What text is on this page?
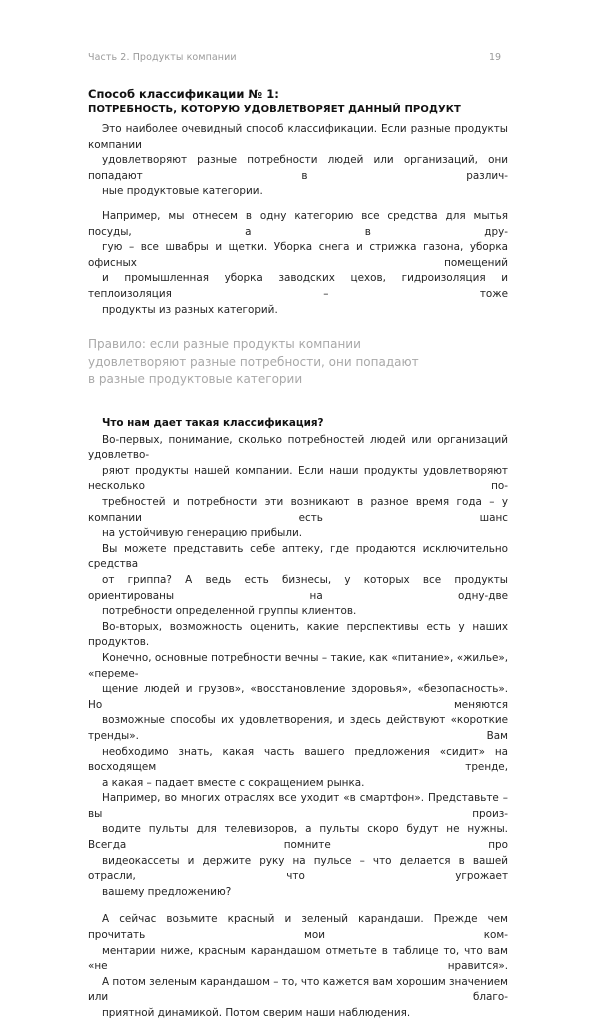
Часть 2. Продукты компании	19
Способ классификации № 1:
ПОТРЕБНОСТЬ, КОТОРУЮ УДОВЛЕТВОРЯЕТ ДАННЫЙ ПРОДУКТ

Это наиболее очевидный способ классификации. Если разные продукты компании
удовлетворяют разные потребности людей или организаций, они попадают в различ-
ные продуктовые категории.

Например, мы отнесем в одну категорию все средства для мытья посуды, а в дру-
гую – все швабры и щетки. Уборка снега и стрижка газона, уборка офисных помещений
и промышленная уборка заводских цехов, гидроизоляция и теплоизоляция – тоже
продукты из разных категорий.

Правило: если разные продукты компании
удовлетворяют разные потребности, они попадают
в разные продуктовые категории
Что нам дает такая классификация?

Во-первых, понимание, сколько потребностей людей или организаций удовлетво-
ряют продукты нашей компании. Если наши продукты удовлетворяют несколько по-
требностей и потребности эти возникают в разное время года – у компании есть шанс
на устойчивую генерацию прибыли.

Вы можете представить себе аптеку, где продаются исключительно средства
от гриппа? А ведь есть бизнесы, у которых все продукты ориентированы на одну-две
потребности определенной группы клиентов.

Во-вторых, возможность оценить, какие перспективы есть у наших продуктов.
Конечно, основные потребности вечны – такие, как «питание», «жилье», «переме-
щение людей и грузов», «восстановление здоровья», «безопасность». Но меняются
возможные способы их удовлетворения, и здесь действуют «короткие тренды». Вам
необходимо знать, какая часть вашего предложения «сидит» на восходящем тренде,
а какая – падает вместе с сокращением рынка.

Например, во многих отраслях все уходит «в смартфон». Представьте – вы произ-
водите пульты для телевизоров, а пульты скоро будут не нужны. Всегда помните про
видеокассеты и держите руку на пульсе – что делается в вашей отрасли, что угрожает
вашему предложению?

А сейчас возьмите красный и зеленый карандаши. Прежде чем прочитать мои ком-
ментарии ниже, красным карандашом отметьте в таблице то, что вам «не нравится».
А потом зеленым карандашом – то, что кажется вам хорошим значением или благо-
приятной динамикой. Потом сверим наши наблюдения.
